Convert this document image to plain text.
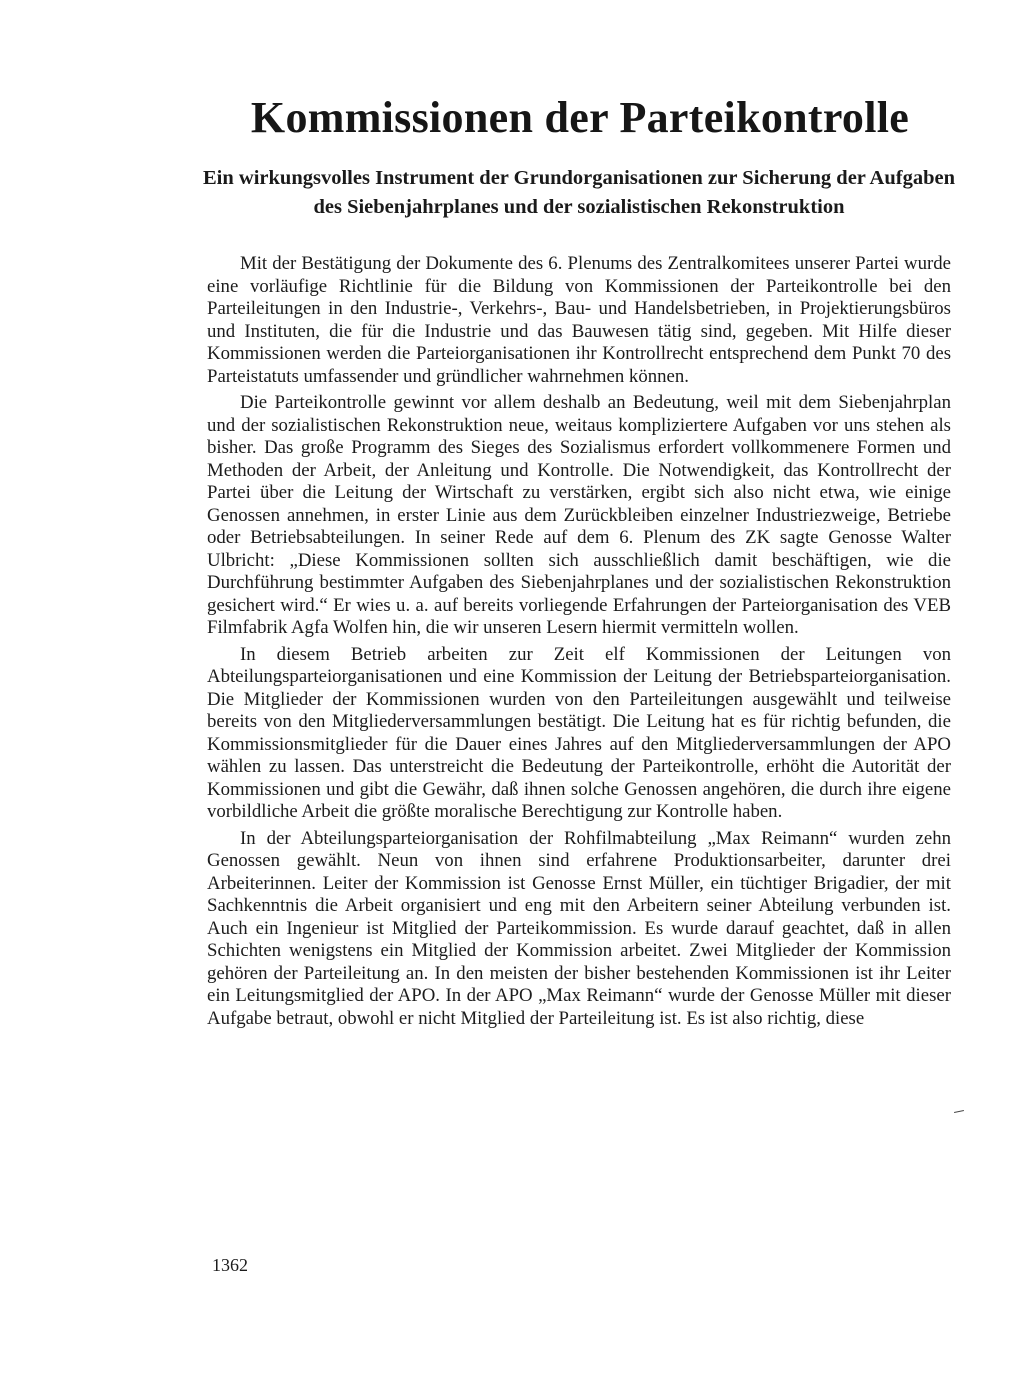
Kommissionen der Parteikontrolle
Ein wirkungsvolles Instrument der Grundorganisationen zur Sicherung der Aufgaben des Siebenjahrplanes und der sozialistischen Rekonstruktion

Mit der Bestätigung der Dokumente des 6. Plenums des Zentralkomitees unserer Partei wurde eine vorläufige Richtlinie für die Bildung von Kommissionen der Parteikontrolle bei den Parteileitungen in den Industrie-, Verkehrs-, Bau- und Handelsbetrieben, in Projektierungsbüros und Instituten, die für die Industrie und das Bauwesen tätig sind, gegeben. Mit Hilfe dieser Kommissionen werden die Parteiorganisationen ihr Kontrollrecht entsprechend dem Punkt 70 des Parteistatuts umfassender und gründlicher wahrnehmen können.

Die Parteikontrolle gewinnt vor allem deshalb an Bedeutung, weil mit dem Siebenjahrplan und der sozialistischen Rekonstruktion neue, weitaus kompliziertere Aufgaben vor uns stehen als bisher. Das große Programm des Sieges des Sozialismus erfordert vollkommenere Formen und Methoden der Arbeit, der Anleitung und Kontrolle. Die Notwendigkeit, das Kontrollrecht der Partei über die Leitung der Wirtschaft zu verstärken, ergibt sich also nicht etwa, wie einige Genossen annehmen, in erster Linie aus dem Zurückbleiben einzelner Industriezweige, Betriebe oder Betriebsabteilungen. In seiner Rede auf dem 6. Plenum des ZK sagte Genosse Walter Ulbricht: „Diese Kommissionen sollten sich ausschließlich damit beschäftigen, wie die Durchführung bestimmter Aufgaben des Siebenjahrplanes und der sozialistischen Rekonstruktion gesichert wird.“ Er wies u. a. auf bereits vorliegende Erfahrungen der Parteiorganisation des VEB Filmfabrik Agfa Wolfen hin, die wir unseren Lesern hiermit vermitteln wollen.

In diesem Betrieb arbeiten zur Zeit elf Kommissionen der Leitungen von Abteilungsparteiorganisationen und eine Kommission der Leitung der Betriebsparteiorganisation. Die Mitglieder der Kommissionen wurden von den Parteileitungen ausgewählt und teilweise bereits von den Mitgliederversammlungen bestätigt. Die Leitung hat es für richtig befunden, die Kommissionsmitglieder für die Dauer eines Jahres auf den Mitgliederversammlungen der APO wählen zu lassen. Das unterstreicht die Bedeutung der Parteikontrolle, erhöht die Autorität der Kommissionen und gibt die Gewähr, daß ihnen solche Genossen angehören, die durch ihre eigene vorbildliche Arbeit die größte moralische Berechtigung zur Kontrolle haben.

In der Abteilungsparteiorganisation der Rohfilmabteilung „Max Reimann“ wurden zehn Genossen gewählt. Neun von ihnen sind erfahrene Produktionsarbeiter, darunter drei Arbeiterinnen. Leiter der Kommission ist Genosse Ernst Müller, ein tüchtiger Brigadier, der mit Sachkenntnis die Arbeit organisiert und eng mit den Arbeitern seiner Abteilung verbunden ist. Auch ein Ingenieur ist Mitglied der Parteikommission. Es wurde darauf geachtet, daß in allen Schichten wenigstens ein Mitglied der Kommission arbeitet. Zwei Mitglieder der Kommission gehören der Parteileitung an. In den meisten der bisher bestehenden Kommissionen ist ihr Leiter ein Leitungsmitglied der APO. In der APO „Max Reimann“ wurde der Genosse Müller mit dieser Aufgabe betraut, obwohl er nicht Mitglied der Parteileitung ist. Es ist also richtig, diese

1362
